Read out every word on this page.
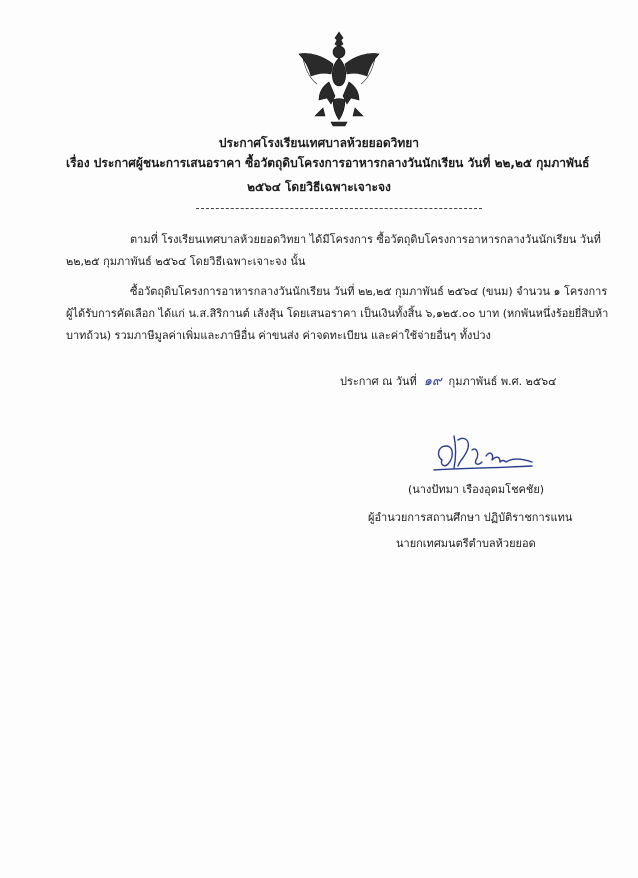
ประกาศโรงเรียนเทศบาลห้วยยอดวิทยา
เรื่อง ประกาศผู้ชนะการเสนอราคา ซื้อวัตถุดิบโครงการอาหารกลางวันนักเรียน วันที่ ๒๒,๒๕ กุมภาพันธ์
๒๕๖๔ โดยวิธีเฉพาะเจาะจง
ตามที่ โรงเรียนเทศบาลห้วยยอดวิทยา ได้มีโครงการ ซื้อวัตถุดิบโครงการอาหารกลางวันนักเรียน วันที่
๒๒,๒๕ กุมภาพันธ์ ๒๕๖๔ โดยวิธีเฉพาะเจาะจง นั้น
ซื้อวัตถุดิบโครงการอาหารกลางวันนักเรียน วันที่ ๒๒,๒๕ กุมภาพันธ์ ๒๕๖๔ (ขนม) จำนวน ๑ โครงการ
ผู้ได้รับการคัดเลือก ได้แก่ น.ส.สิริกานต์ เส้งสุ้น โดยเสนอราคา เป็นเงินทั้งสิ้น ๖,๑๒๕.๐๐ บาท (หกพันหนึ่งร้อยยี่สิบห้า
บาทถ้วน) รวมภาษีมูลค่าเพิ่มและภาษีอื่น ค่าขนส่ง ค่าจดทะเบียน และค่าใช้จ่ายอื่นๆ ทั้งปวง
ประกาศ ณ วันที่ ๑๙ กุมภาพันธ์ พ.ศ. ๒๕๖๔
(นางปัทมา เรืองอุดมโชคชัย)
ผู้อำนวยการสถานศึกษา ปฏิบัติราชการแทน
นายกเทศมนตรีตำบลห้วยยอด
